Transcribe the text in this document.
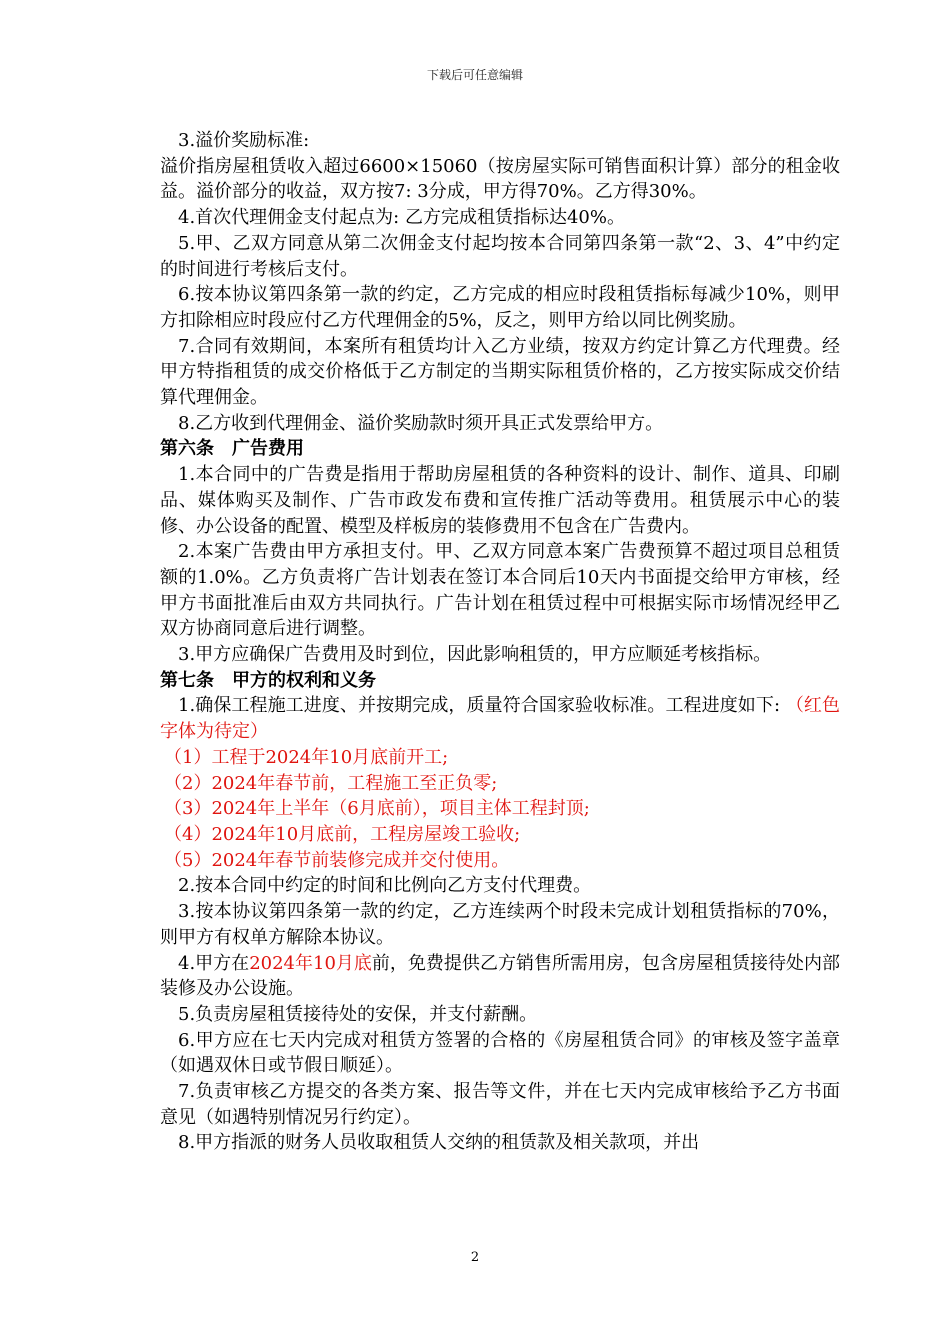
下载后可任意编辑

3.溢价奖励标准:

溢价指房屋租赁收入超过6600×15060（按房屋实际可销售面积计算）部分的租金收益。溢价部分的收益，双方按7: 3分成，甲方得70%。乙方得30%。

4.首次代理佣金支付起点为: 乙方完成租赁指标达40%。

5.甲、乙双方同意从第二次佣金支付起均按本合同第四条第一款“2、3、4”中约定的时间进行考核后支付。

6.按本协议第四条第一款的约定，乙方完成的相应时段租赁指标每减少10%，则甲方扣除相应时段应付乙方代理佣金的5%，反之，则甲方给以同比例奖励。

7.合同有效期间，本案所有租赁均计入乙方业绩，按双方约定计算乙方代理费。经甲方特指租赁的成交价格低于乙方制定的当期实际租赁价格的，乙方按实际成交价结算代理佣金。

8.乙方收到代理佣金、溢价奖励款时须开具正式发票给甲方。

第六条　广告费用

1.本合同中的广告费是指用于帮助房屋租赁的各种资料的设计、制作、道具、印刷品、媒体购买及制作、广告市政发布费和宣传推广活动等费用。租赁展示中心的装修、办公设备的配置、模型及样板房的装修费用不包含在广告费内。

2.本案广告费由甲方承担支付。甲、乙双方同意本案广告费预算不超过项目总租赁额的1.0%。乙方负责将广告计划表在签订本合同后10天内书面提交给甲方审核，经甲方书面批准后由双方共同执行。广告计划在租赁过程中可根据实际市场情况经甲乙双方协商同意后进行调整。

3.甲方应确保广告费用及时到位，因此影响租赁的，甲方应顺延考核指标。

第七条　甲方的权利和义务

1.确保工程施工进度、并按期完成，质量符合国家验收标准。工程进度如下: （红色字体为待定）

（1）工程于2024年10月底前开工;

（2）2024年春节前，工程施工至正负零;

（3）2024年上半年（6月底前），项目主体工程封顶;

（4）2024年10月底前，工程房屋竣工验收;

（5）2024年春节前装修完成并交付使用。

2.按本合同中约定的时间和比例向乙方支付代理费。

3.按本协议第四条第一款的约定，乙方连续两个时段未完成计划租赁指标的70%，则甲方有权单方解除本协议。

4.甲方在2024年10月底前，免费提供乙方销售所需用房，包含房屋租赁接待处内部装修及办公设施。

5.负责房屋租赁接待处的安保，并支付薪酬。

6.甲方应在七天内完成对租赁方签署的合格的《房屋租赁合同》的审核及签字盖章（如遇双休日或节假日顺延）。

7.负责审核乙方提交的各类方案、报告等文件，并在七天内完成审核给予乙方书面意见（如遇特别情况另行约定）。

8.甲方指派的财务人员收取租赁人交纳的租赁款及相关款项，并出

2
